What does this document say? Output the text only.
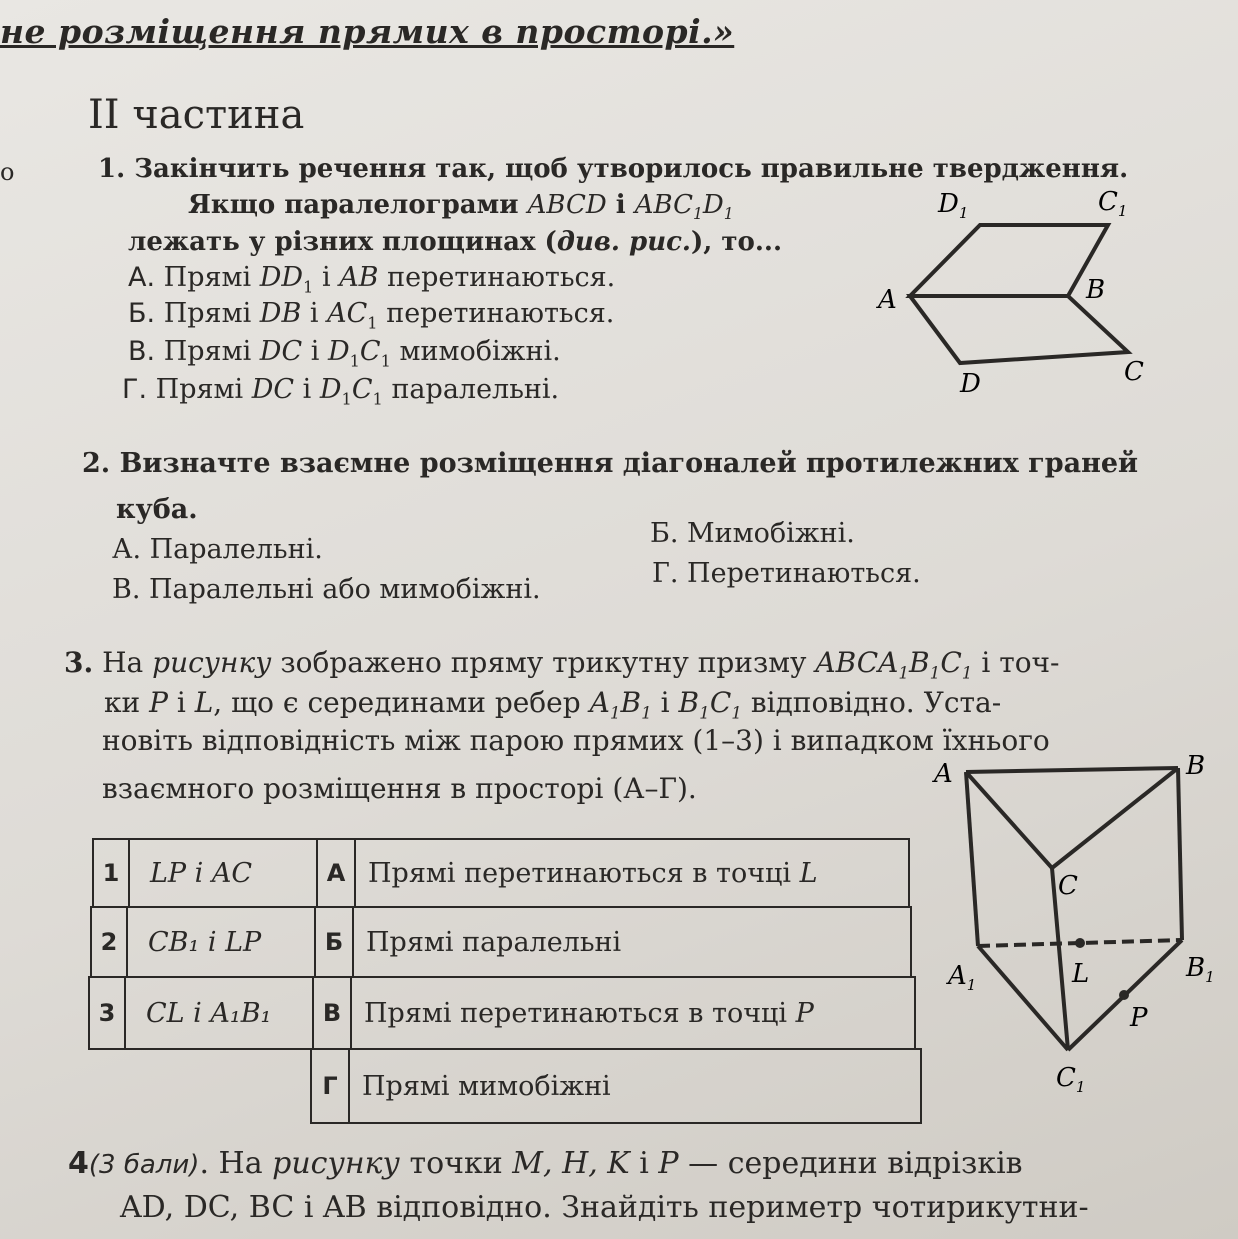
не розміщення прямих в просторі.»
II частина
о	1. Закінчить речення так, щоб утворилось правильне твердження.
Якщо паралелограми ABCD і $ABC_1D_1$
лежать у різних площинах (див. рис.), то...
А. Прямі $DD_1$ і AB перетинаються.
Б. Прямі DB і $AC_1$ перетинаються.
В. Прямі DC і $D_1C_1$ мимобіжні.
Г. Прямі DC і $D_1C_1$ паралельні.
$D_1$	$C_1$
A	B
D	C
2. Визначте взаємне розміщення діагоналей протилежних граней
куба.
А. Паралельні.
Б. Мимобіжні.
В. Паралельні або мимобіжні.
Г. Перетинаються.
3. На рисунку зображено пряму трикутну призму $ABCA_1B_1C_1$ і точ-
ки P і L, що є серединами ребер $A_1B_1$ і $B_1C_1$ відповідно. Уста-
новіть відповідність між парою прямих (1–3) і випадком їхнього
взаємного розміщення в просторі (А–Г).
1	LP і AC	А Прямі перетинаються в точці
L
2	CB₁ і LP	Б Прямі паралельні
3	CL і A₁B₁	В Прямі перетинаються в точці
P
Г Прямі мимобіжні
A	B
C
L
P
$A_1$
$B_1$
$C_1$
4(3 бали). На рисунку точки M, H, K і P — середини відрізків
AD, DC, BC і AB відповідно. Знайдіть периметр чотирикутни-
